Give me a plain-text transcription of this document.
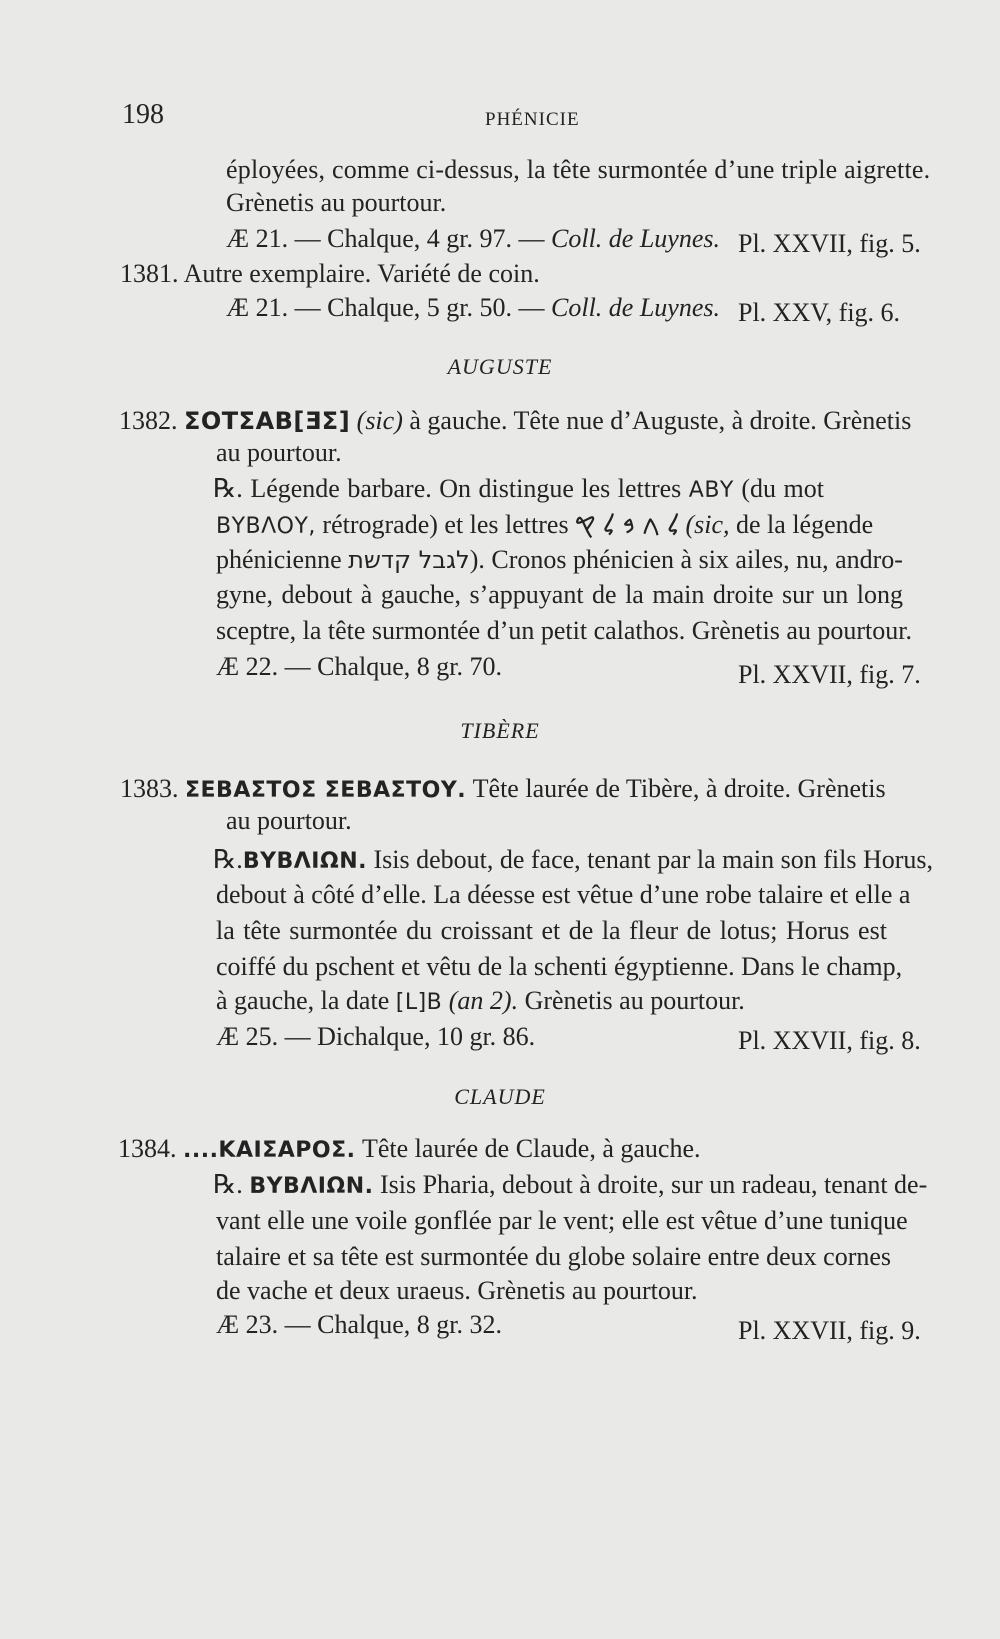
198	PHÉNICIE
éployées, comme ci-dessus, la tête surmontée d’une triple aigrette.
Grènetis au pourtour.
Æ 21. — Chalque, 4 gr. 97. — Coll. de Luynes. Pl. XXVII, fig. 5.
1381. Autre exemplaire. Variété de coin.
Æ 21. — Chalque, 5 gr. 50. — Coll. de Luynes. Pl. XXV, fig. 6.
AUGUSTE
1382. ΣOTΣAB[ƎΣ] (sic) à gauche. Tête nue d’Auguste, à droite. Grènetis
au pourtour.
℞. Légende barbare. On distingue les lettres ΑΒΥ (du mot
ΒΥΒΛΟΥ, rétrograde) et les lettres 𐤋 𐤂 𐤁 𐤋 𐤒 (sic, de la légende
phénicienne לגבל קדשת). Cronos phénicien à six ailes, nu, andro-
gyne, debout à gauche, s’appuyant de la main droite sur un long
sceptre, la tête surmontée d’un petit calathos. Grènetis au pourtour.
Æ 22. — Chalque, 8 gr. 70.	Pl. XXVII, fig. 7.
TIBÈRE
1383. ΣΕΒΑΣΤΟΣ ΣΕΒΑΣΤΟΥ. Tête laurée de Tibère, à droite. Grènetis
au pourtour.
℞.ΒΥΒΛΙΩΝ. Isis debout, de face, tenant par la main son fils Horus,
debout à côté d’elle. La déesse est vêtue d’une robe talaire et elle a
la tête surmontée du croissant et de la fleur de lotus; Horus est
coiffé du pschent et vêtu de la schenti égyptienne. Dans le champ,
à gauche, la date [L]B (an 2). Grènetis au pourtour.
Æ 25. — Dichalque, 10 gr. 86.	Pl. XXVII, fig. 8.
CLAUDE
1384. ....ΚΑΙΣΑΡΟΣ. Tête laurée de Claude, à gauche.
℞. ΒΥΒΛΙΩΝ. Isis Pharia, debout à droite, sur un radeau, tenant de-
vant elle une voile gonflée par le vent; elle est vêtue d’une tunique
talaire et sa tête est surmontée du globe solaire entre deux cornes
de vache et deux uraeus. Grènetis au pourtour.
Æ 23. — Chalque, 8 gr. 32.	Pl. XXVII, fig. 9.
